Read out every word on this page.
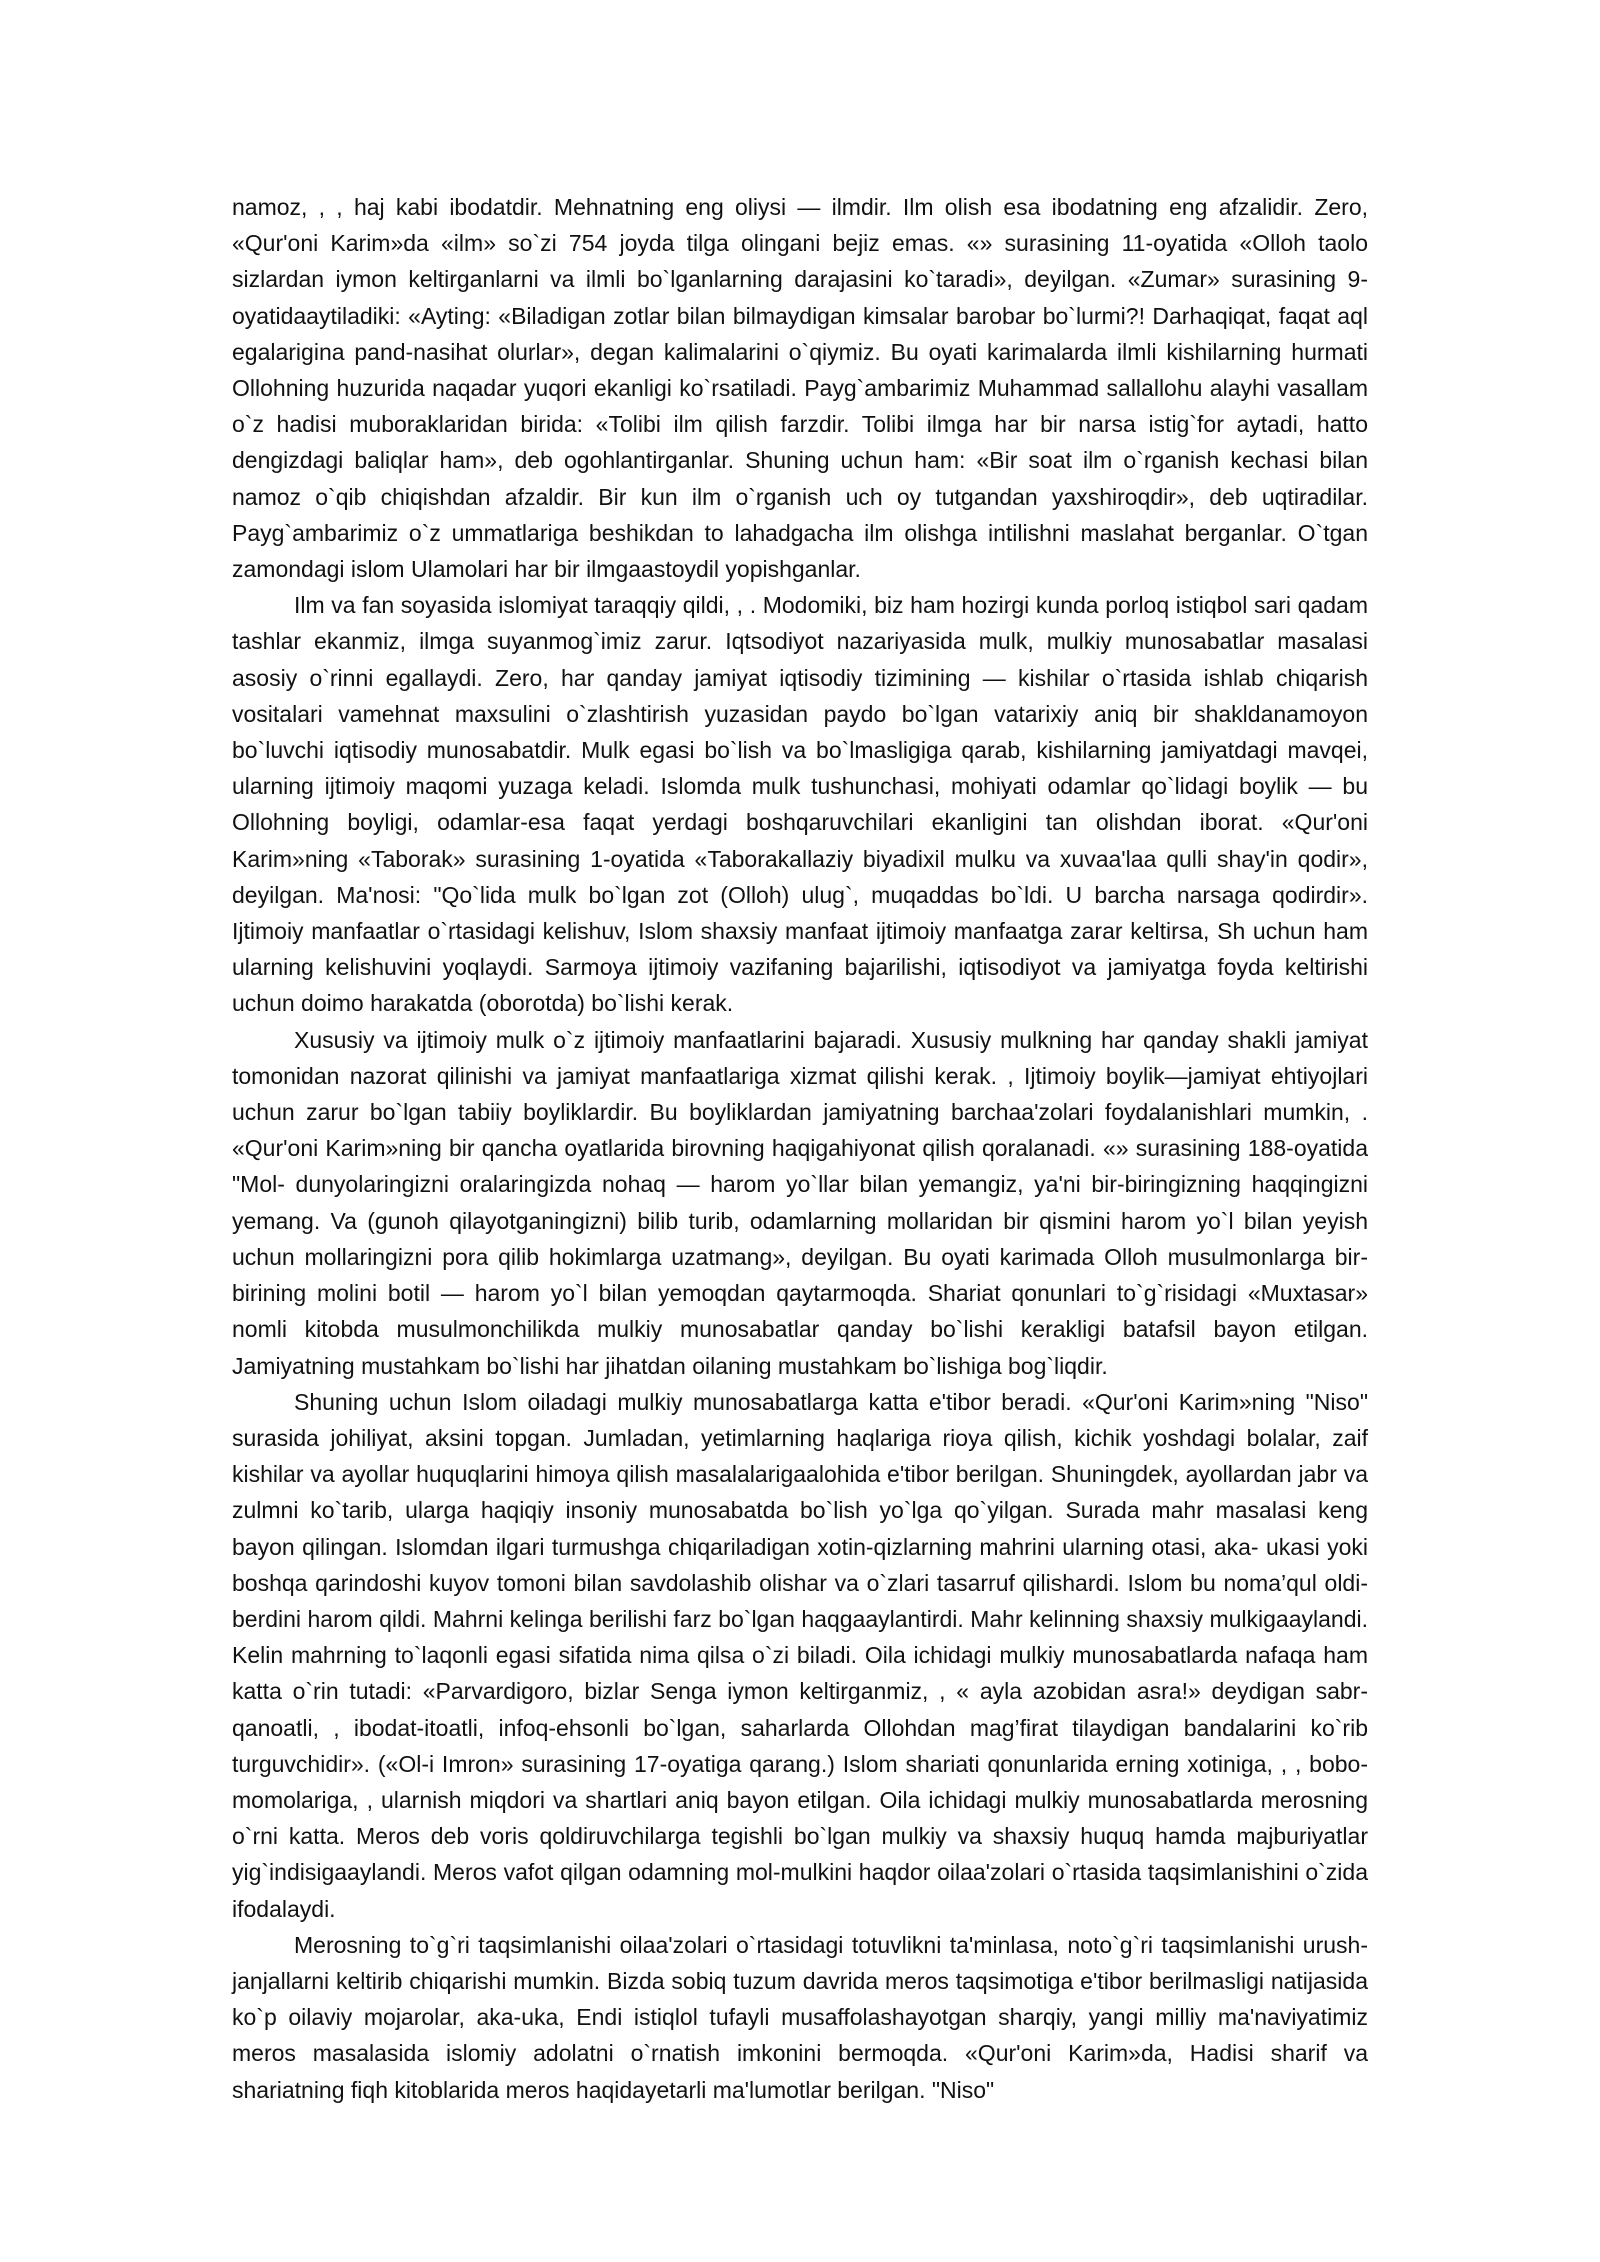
namoz, , , haj kabi ibodatdir. Mehnatning eng oliysi — ilmdir. Ilm olish esa ibodatning eng afzalidir. Zero, «Qur'oni Karim»da «ilm» so`zi 754 joyda tilga olingani bejiz emas. «» surasining 11-oyatida «Olloh taolo sizlardan iymon keltirganlarni va ilmli bo`lganlarning darajasini ko`taradi», deyilgan. «Zumar» surasining 9- oyatidaaytiladiki: «Ayting: «Biladigan zotlar bilan bilmaydigan kimsalar barobar bo`lurmi?! Darhaqiqat, faqat aql egalarigina pand-nasihat olurlar», degan kalimalarini o`qiymiz. Bu oyati karimalarda ilmli kishilarning hurmati Ollohning huzurida naqadar yuqori ekanligi ko`rsatiladi. Payg`ambarimiz Muhammad sallallohu alayhi vasallam o`z hadisi muboraklaridan birida: «Tolibi ilm qilish farzdir. Tolibi ilmga har bir narsa istig`for aytadi, hatto dengizdagi baliqlar ham», deb ogohlantirganlar. Shuning uchun ham: «Bir soat ilm o`rganish kechasi bilan namoz o`qib chiqishdan afzaldir. Bir kun ilm o`rganish uch oy tutgandan yaxshiroqdir», deb uqtiradilar. Payg`ambarimiz o`z ummatlariga beshikdan to lahadgacha ilm olishga intilishni maslahat berganlar. O`tgan zamondagi islom Ulamolari har bir ilmgaastoydil yopishganlar.

Ilm va fan soyasida islomiyat taraqqiy qildi, , . Modomiki, biz ham hozirgi kunda porloq istiqbol sari qadam tashlar ekanmiz, ilmga suyanmog`imiz zarur. Iqtsodiyot nazariyasida mulk, mulkiy munosabatlar masalasi asosiy o`rinni egallaydi. Zero, har qanday jamiyat iqtisodiy tizimining — kishilar o`rtasida ishlab chiqarish vositalari vamehnat maxsulini o`zlashtirish yuzasidan paydo bo`lgan vatarixiy aniq bir shakldanamoyon bo`luvchi iqtisodiy munosabatdir. Mulk egasi bo`lish va bo`lmasligiga qarab, kishilarning jamiyatdagi mavqei, ularning ijtimoiy maqomi yuzaga keladi. Islomda mulk tushunchasi, mohiyati odamlar qo`lidagi boylik — bu Ollohning boyligi, odamlar-esa faqat yerdagi boshqaruvchilari ekanligini tan olishdan iborat. «Qur'oni Karim»ning «Taborak» surasining 1-oyatida «Taborakallaziy biyadixil mulku va xuvaa'laa qulli shay'in qodir», deyilgan. Ma'nosi: "Qo`lida mulk bo`lgan zot (Olloh) ulug`, muqaddas bo`ldi. U barcha narsaga qodirdir». Ijtimoiy manfaatlar o`rtasidagi kelishuv, Islom shaxsiy manfaat ijtimoiy manfaatga zarar keltirsa, Sh uchun ham ularning kelishuvini yoqlaydi. Sarmoya ijtimoiy vazifaning bajarilishi, iqtisodiyot va jamiyatga foyda keltirishi uchun doimo harakatda (oborotda) bo`lishi kerak.

Xususiy va ijtimoiy mulk o`z ijtimoiy manfaatlarini bajaradi. Xususiy mulkning har qanday shakli jamiyat tomonidan nazorat qilinishi va jamiyat manfaatlariga xizmat qilishi kerak. , Ijtimoiy boylik—jamiyat ehtiyojlari uchun zarur bo`lgan tabiiy boyliklardir. Bu boyliklardan jamiyatning barchaa'zolari foydalanishlari mumkin, . «Qur'oni Karim»ning bir qancha oyatlarida birovning haqigahiyonat qilish qoralanadi. «» surasining 188-oyatida "Mol- dunyolaringizni oralaringizda nohaq — harom yo`llar bilan yemangiz, ya'ni bir-biringizning haqqingizni yemang. Va (gunoh qilayotganingizni) bilib turib, odamlarning mollaridan bir qismini harom yo`l bilan yeyish uchun mollaringizni pora qilib hokimlarga uzatmang», deyilgan. Bu oyati karimada Olloh musulmonlarga bir-birining molini botil — harom yo`l bilan yemoqdan qaytarmoqda. Shariat qonunlari to`g`risidagi «Muxtasar» nomli kitobda musulmonchilikda mulkiy munosabatlar qanday bo`lishi kerakligi batafsil bayon etilgan. Jamiyatning mustahkam bo`lishi har jihatdan oilaning mustahkam bo`lishiga bog`liqdir.

Shuning uchun Islom oiladagi mulkiy munosabatlarga katta e'tibor beradi. «Qur'oni Karim»ning "Niso" surasida johiliyat, aksini topgan. Jumladan, yetimlarning haqlariga rioya qilish, kichik yoshdagi bolalar, zaif kishilar va ayollar huquqlarini himoya qilish masalalarigaalohida e'tibor berilgan. Shuningdek, ayollardan jabr va zulmni ko`tarib, ularga haqiqiy insoniy munosabatda bo`lish yo`lga qo`yilgan. Surada mahr masalasi keng bayon qilingan. Islomdan ilgari turmushga chiqariladigan xotin-qizlarning mahrini ularning otasi, aka- ukasi yoki boshqa qarindoshi kuyov tomoni bilan savdolashib olishar va o`zlari tasarruf qilishardi. Islom bu noma’qul oldi-berdini harom qildi. Mahrni kelinga berilishi farz bo`lgan haqgaaylantirdi. Mahr kelinning shaxsiy mulkigaaylandi. Kelin mahrning to`laqonli egasi sifatida nima qilsa o`zi biladi. Oila ichidagi mulkiy munosabatlarda nafaqa ham katta o`rin tutadi: «Parvardigoro, bizlar Senga iymon keltirganmiz, , « ayla azobidan asra!» deydigan sabr-qanoatli, , ibodat-itoatli, infoq-ehsonli bo`lgan, saharlarda Ollohdan mag’firat tilaydigan bandalarini ko`rib turguvchidir». («Ol-i Imron» surasining 17-oyatiga qarang.) Islom shariati qonunlarida erning xotiniga, , , bobo-momolariga, , ularnish miqdori va shartlari aniq bayon etilgan. Oila ichidagi mulkiy munosabatlarda merosning o`rni katta. Meros deb voris qoldiruvchilarga tegishli bo`lgan mulkiy va shaxsiy huquq hamda majburiyatlar yig`indisigaaylandi. Meros vafot qilgan odamning mol-mulkini haqdor oilaa'zolari o`rtasida taqsimlanishini o`zida ifodalaydi.

Merosning to`g`ri taqsimlanishi oilaa'zolari o`rtasidagi totuvlikni ta'minlasa, noto`g`ri taqsimlanishi urush-janjallarni keltirib chiqarishi mumkin. Bizda sobiq tuzum davrida meros taqsimotiga e'tibor berilmasligi natijasida ko`p oilaviy mojarolar, aka-uka, Endi istiqlol tufayli musaffolashayotgan sharqiy, yangi milliy ma'naviyatimiz meros masalasida islomiy adolatni o`rnatish imkonini bermoqda. «Qur'oni Karim»da, Hadisi sharif va shariatning fiqh kitoblarida meros haqidayetarli ma'lumotlar berilgan. "Niso"
